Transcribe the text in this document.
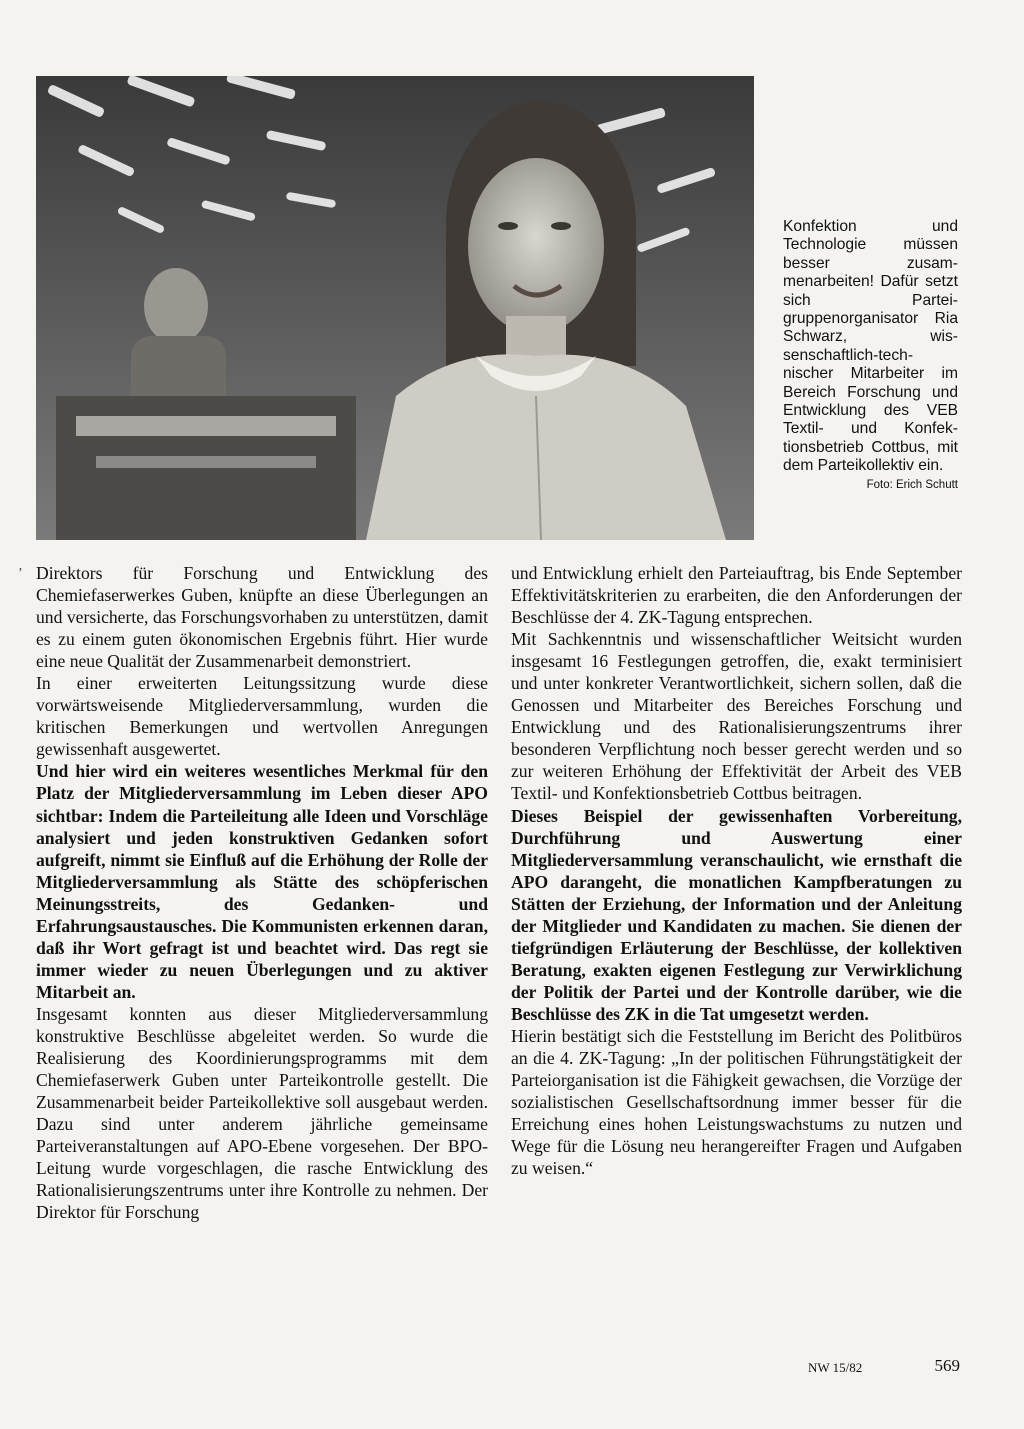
Konfektion und Technologie müssen besser zusammenarbeiten! Dafür setzt sich Parteigruppenorganisator Ria Schwarz, wissenschaftlich-technischer Mitarbeiter im Bereich Forschung und Entwicklung des VEB Textil- und Konfektionsbetrieb Cottbus, mit dem Parteikollektiv ein.
Foto: Erich Schutt
’ Direktors für Forschung und Entwicklung des Chemiefaserwerkes Guben, knüpfte an diese Überlegungen an und versicherte, das Forschungsvorhaben zu unterstützen, damit es zu einem guten ökonomischen Ergebnis führt. Hier wurde eine neue Qualität der Zusammenarbeit demonstriert.

In einer erweiterten Leitungssitzung wurde diese vorwärtsweisende Mitgliederversammlung, wurden die kritischen Bemerkungen und wertvollen Anregungen gewissenhaft ausgewertet.

Und hier wird ein weiteres wesentliches Merkmal für den Platz der Mitgliederversammlung im Leben dieser APO sichtbar: Indem die Parteileitung alle Ideen und Vorschläge analysiert und jeden konstruktiven Gedanken sofort aufgreift, nimmt sie Einfluß auf die Erhöhung der Rolle der Mitgliederversammlung als Stätte des schöpferischen Meinungsstreits, des Gedanken- und Erfahrungsaustausches. Die Kommunisten erkennen daran, daß ihr Wort gefragt ist und beachtet wird. Das regt sie immer wieder zu neuen Überlegungen und zu aktiver Mitarbeit an.

Insgesamt konnten aus dieser Mitgliederversammlung konstruktive Beschlüsse abgeleitet werden. So wurde die Realisierung des Koordinierungsprogramms mit dem Chemiefaserwerk Guben unter Parteikontrolle gestellt. Die Zusammenarbeit beider Parteikollektive soll ausgebaut werden. Dazu sind unter anderem jährliche gemeinsame Parteiveranstaltungen auf APO-Ebene vorgesehen. Der BPO-Leitung wurde vorgeschlagen, die rasche Entwicklung des Rationalisierungszentrums unter ihre Kontrolle zu nehmen. Der Direktor für Forschung

und Entwicklung erhielt den Parteiauftrag, bis Ende September Effektivitätskriterien zu erarbeiten, die den Anforderungen der Beschlüsse der 4. ZK-Tagung entsprechen.

Mit Sachkenntnis und wissenschaftlicher Weitsicht wurden insgesamt 16 Festlegungen getroffen, die, exakt terminisiert und unter konkreter Verantwortlichkeit, sichern sollen, daß die Genossen und Mitarbeiter des Bereiches Forschung und Entwicklung und des Rationalisierungszentrums ihrer besonderen Verpflichtung noch besser gerecht werden und so zur weiteren Erhöhung der Effektivität der Arbeit des VEB Textil- und Konfektionsbetrieb Cottbus beitragen.

Dieses Beispiel der gewissenhaften Vorbereitung, Durchführung und Auswertung einer Mitgliederversammlung veranschaulicht, wie ernsthaft die APO darangeht, die monatlichen Kampfberatungen zu Stätten der Erziehung, der Information und der Anleitung der Mitglieder und Kandidaten zu machen. Sie dienen der tiefgründigen Erläuterung der Beschlüsse, der kollektiven Beratung, exakten eigenen Festlegung zur Verwirklichung der Politik der Partei und der Kontrolle darüber, wie die Beschlüsse des ZK in die Tat umgesetzt werden.

Hierin bestätigt sich die Feststellung im Bericht des Politbüros an die 4. ZK-Tagung: „In der politischen Führungstätigkeit der Parteiorganisation ist die Fähigkeit gewachsen, die Vorzüge der sozialistischen Gesellschaftsordnung immer besser für die Erreichung eines hohen Leistungswachstums zu nutzen und Wege für die Lösung neu herangereifter Fragen und Aufgaben zu weisen.“

NW 15/82	569
